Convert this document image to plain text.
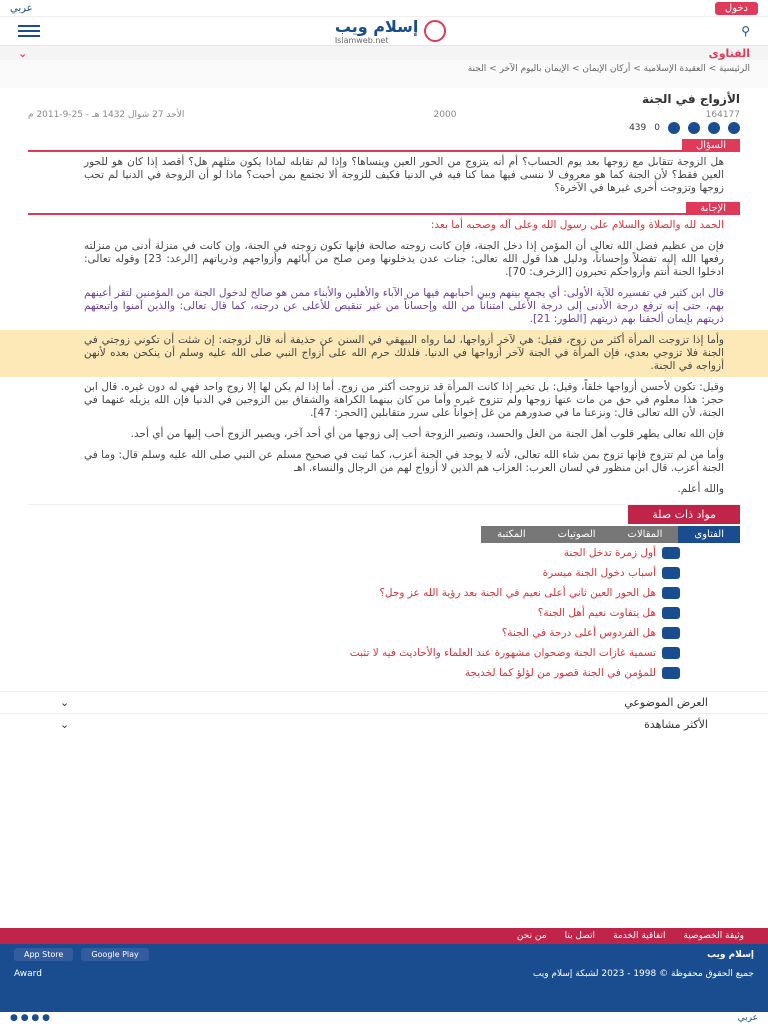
عربي	دخول
إسلام ويب
Islamweb.net
⚲
⌄	الفتاوى
الرئيسية > العقيدة الإسلامية > أركان الإيمان > الإيمان باليوم الآخر > الجنة
الأزواج في الجنة
الأحد 27 شوال 1432 هـ - 25-9-2011 م	2000	164177
439 0
السؤال
هل الزوجة تتقابل مع زوجها بعد يوم الحساب؟ أم أنه يتزوج من الحور العين وينساها؟ وإذا لم تقابله لماذا يكون مثلهم هل؟ أقصد إذا كان هو للحور العين فقط؟ لأن الجنة كما هو معروف لا ننسى فيها مما كنا فيه في الدنيا فكيف للزوجة ألا تجتمع بمن أحبت؟ ماذا لو أن الزوجة في الدنيا لم تحب زوجها وتزوجت أخرى غيرها في الآخرة؟
الإجابة
الحمد لله والصلاة والسلام على رسول الله وعلى آله وصحبه أما بعد:
فإن من عظيم فضل الله تعالى أن المؤمن إذا دخل الجنة، فإن كانت زوجته صالحة فإنها تكون زوجته في الجنة، وإن كانت في منزلة أدنى من منزلته رفعها الله إليه تفضلاً وإحساناً، ودليل هذا قول الله تعالى: جنات عدن يدخلونها ومن صلح من آبائهم وأزواجهم وذرياتهم [الرعد: 23] وقوله تعالى: ادخلوا الجنة أنتم وأزواجكم تحبرون [الزخرف: 70].
قال ابن كثير في تفسيره للآية الأولى: أي يجمع بينهم وبين أحبابهم فيها من الآباء والأهلين والأبناء ممن هو صالح لدخول الجنة من المؤمنين لتقر أعينهم بهم، حتى إنه ترفع درجة الأدنى إلى درجة الأعلى امتناناً من الله وإحساناً من غير تنقيص للأعلى عن درجته، كما قال تعالى: والذين آمنوا واتبعتهم ذريتهم بإيمان ألحقنا بهم ذريتهم [الطور: 21].
وأما إذا تزوجت المرأة أكثر من زوج، فقيل: هي لآخر أزواجها، لما رواه البيهقي في السنن عن حذيفة أنه قال لزوجته: إن شئت أن تكوني زوجتي في الجنة فلا تزوجي بعدي، فإن المرأة في الجنة لآخر أزواجها في الدنيا. فلذلك حرم الله على أزواج النبي صلى الله عليه وسلم أن ينكحن بعده لأنهن أزواجه في الجنة.
وقيل: تكون لأحسن أزواجها خلقاً، وقيل: بل تخير إذا كانت المرأة قد تزوجت أكثر من زوج. أما إذا لم يكن لها إلا زوج واحد فهي له دون غيره. قال ابن حجر: هذا معلوم في حق من مات عنها زوجها ولم تتزوج غيره وأما من كان بينهما الكراهة والشقاق بين الزوجين في الدنيا فإن الله يزيله عنهما في الجنة، لأن الله تعالى قال: ونزعنا ما في صدورهم من غل إخواناً على سرر متقابلين [الحجر: 47].
فإن الله تعالى يطهر قلوب أهل الجنة من الغل والحسد، وتصير الزوجة أحب إلى زوجها من أي أحد آخر، ويصير الزوج أحب إليها من أي أحد.
وأما من لم تتزوج فإنها تزوج بمن شاء الله تعالى، لأنه لا يوجد في الجنة أعزب، كما ثبت في صحيح مسلم عن النبي صلى الله عليه وسلم قال: وما في الجنة أعزب. قال ابن منظور في لسان العرب: العزاب هم الذين لا أزواج لهم من الرجال والنساء. اهـ
والله أعلم.
مواد ذات صلة
المكتبة	الصوتيات	المقالات	الفتاوى
أول زمرة تدخل الجنة
أسباب دخول الجنة ميسرة
هل الحور العين ثاني أعلى نعيم في الجنة بعد رؤية الله عز وجل؟
هل يتفاوت نعيم أهل الجنة؟
هل الفردوس أعلى درجة في الجنة؟
تسمية غازات الجنة وضحوان مشهورة عند العلماء والأحاديث فيه لا تثبت
للمؤمن في الجنة قصور من لؤلؤ كما لخديجة
⌄	العرض الموضوعي
⌄	الأكثر مشاهدة
من نحن اتصل بنا اتفاقية الخدمة وثيقة الخصوصية
App Store	Google Play	إسلام ويب
Award	جميع الحقوق محفوظة © 1998 - 2023 لشبكة إسلام ويب
● ● ● ●	عربي
